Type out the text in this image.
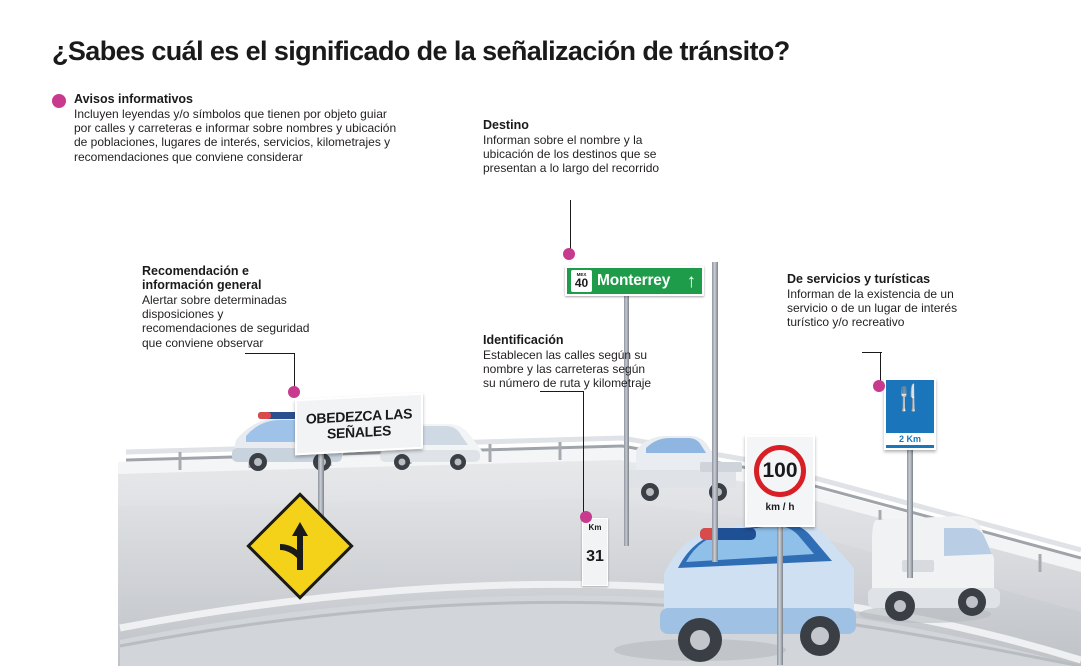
¿Sabes cuál es el significado de la señalización de tránsito?
MEX
40 Monterrey ↑
OBEDEZCA LAS
SEÑALES
100
km / h
Km
31
🍴
2 Km
Avisos informativos
Incluyen leyendas y/o símbolos que tienen por objeto guiar por calles y carreteras e informar sobre nombres y ubicación de poblaciones, lugares de interés, servicios, kilometrajes y recomendaciones que conviene considerar
Recomendación e información general
Alertar sobre determinadas disposiciones y recomendaciones de seguridad que conviene observar
Destino
Informan sobre el nombre y la ubicación de los destinos que se presentan a lo largo del recorrido
Identificación
Establecen las calles según su nombre y las carreteras según su número de ruta y kilometraje
De servicios y turísticas
Informan de la existencia de un servicio o de un lugar de interés turístico y/o recreativo
